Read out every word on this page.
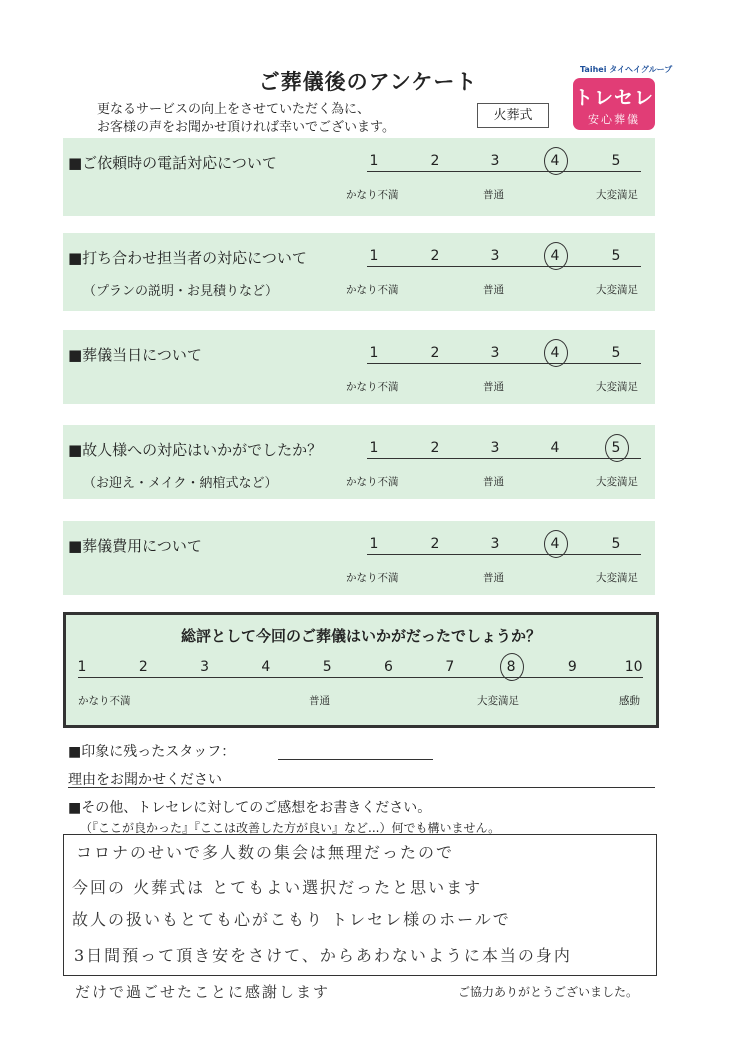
ご葬儀後のアンケート
更なるサービスの向上をさせていただく為に、
お客様の声をお聞かせ頂ければ幸いでございます。
火葬式
Taihei タイヘイグループ
トレセレ
安心葬儀
■ご依頼時の電話対応について	1	2	3	4	5
かなり不満	普通	大変満足
■打ち合わせ担当者の対応について
（プランの説明・お見積りなど）
1	2	3	4	5
かなり不満	普通	大変満足
■葬儀当日について	1	2	3	4	5
かなり不満	普通	大変満足
■故人様への対応はいかがでしたか？
（お迎え・メイク・納棺式など）
1	2	3	4	5
かなり不満	普通	大変満足
■葬儀費用について	1	2	3	4	5
かなり不満	普通	大変満足
総評として今回のご葬儀はいかがだったでしょうか？
1	2	3	4	5	6	7	8	9	10
かなり不満	普通	大変満足	感動
■印象に残ったスタッフ：
理由をお聞かせください
■その他、トレセレに対してのご感想をお書きください。
（『ここが良かった』『ここは改善した方が良い』など...）何でも構いません。
コロナのせいで多人数の集会は無理だったので
今回の 火葬式は とてもよい選択だったと思います
故人の扱いもとても心がこもり トレセレ様のホールで
3日間預って頂き安をさけて、からあわないように本当の身内
だけで過ごせたことに感謝します	ご協力ありがとうございました。
